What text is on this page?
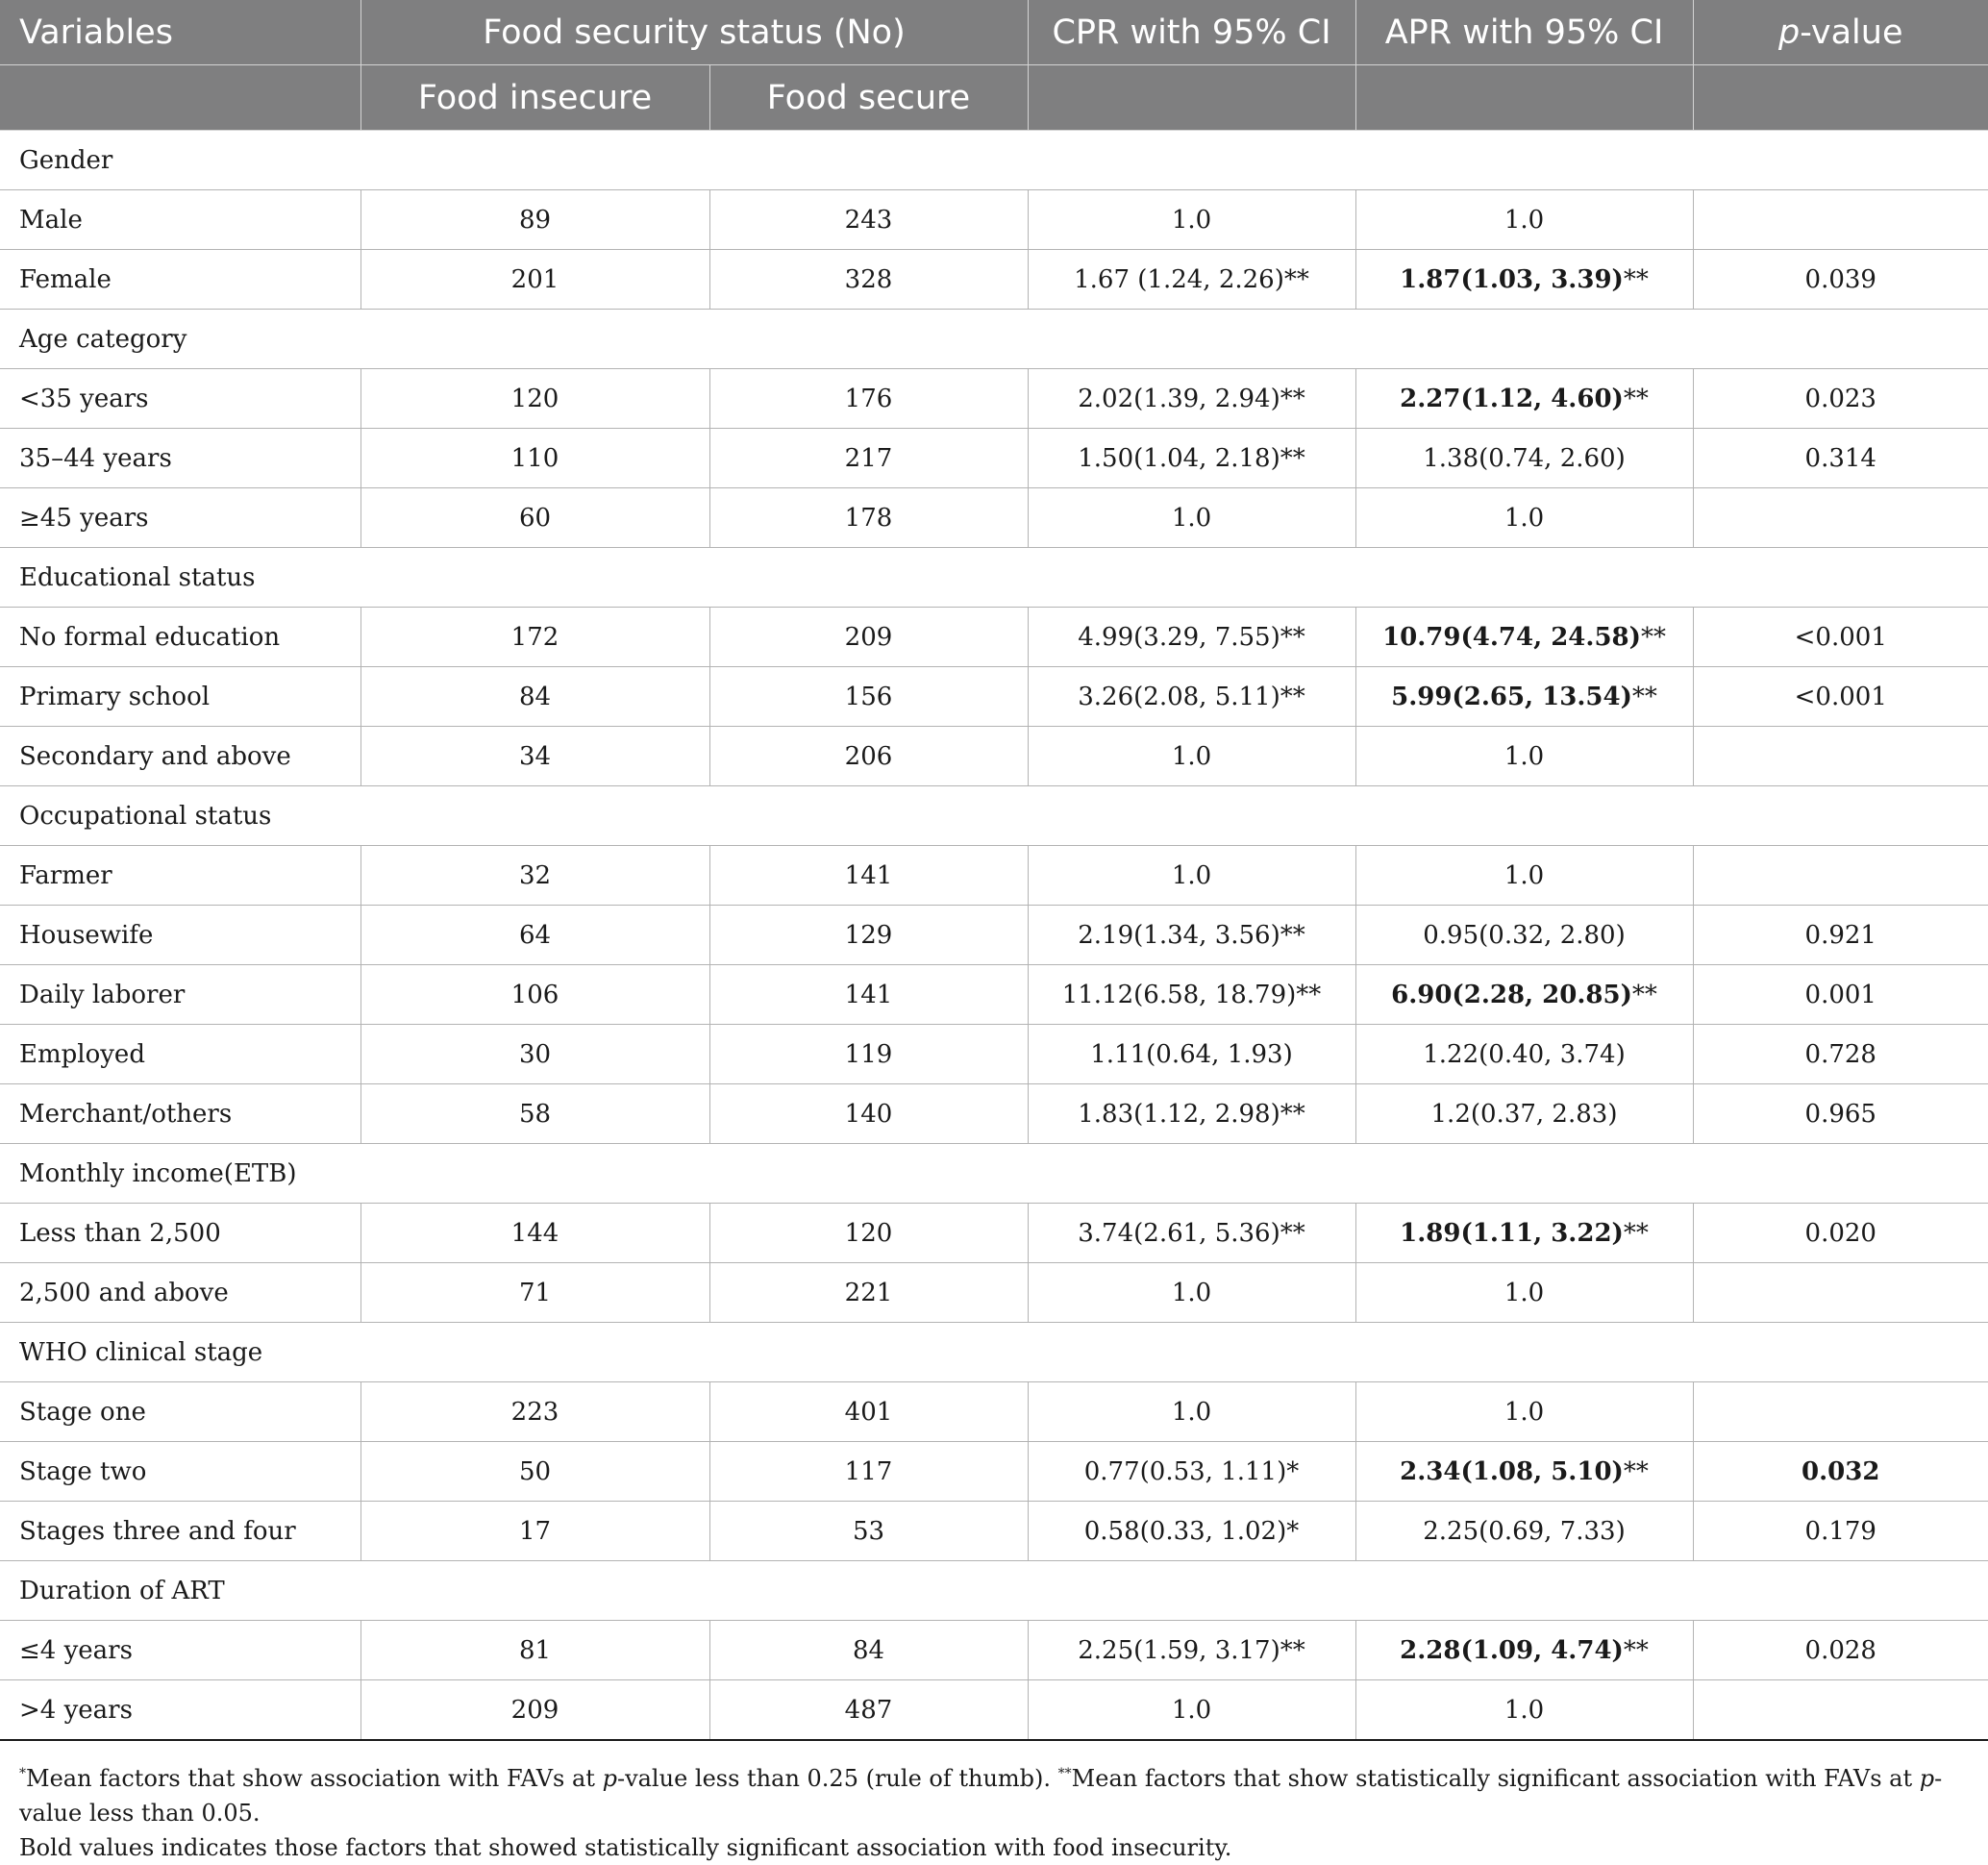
Variables	Food security status (No)		CPR with 95% CI	APR with 95% CI	p-value
	Food insecure	Food secure			
Gender					
Male	89	243	1.0	1.0	
Female	201	328	1.67 (1.24, 2.26)**	1.87(1.03, 3.39)**	0.039
Age category					
<35 years	120	176	2.02(1.39, 2.94)**	2.27(1.12, 4.60)**	0.023
35–44 years	110	217	1.50(1.04, 2.18)**	1.38(0.74, 2.60)	0.314
≥45 years	60	178	1.0	1.0	
Educational status					
No formal education	172	209	4.99(3.29, 7.55)**	10.79(4.74, 24.58)**	<0.001
Primary school	84	156	3.26(2.08, 5.11)**	5.99(2.65, 13.54)**	<0.001
Secondary and above	34	206	1.0	1.0	
Occupational status					
Farmer	32	141	1.0	1.0	
Housewife	64	129	2.19(1.34, 3.56)**	0.95(0.32, 2.80)	0.921
Daily laborer	106	141	11.12(6.58, 18.79)**	6.90(2.28, 20.85)**	0.001
Employed	30	119	1.11(0.64, 1.93)	1.22(0.40, 3.74)	0.728
Merchant/others	58	140	1.83(1.12, 2.98)**	1.2(0.37, 2.83)	0.965
Monthly income(ETB)					
Less than 2,500	144	120	3.74(2.61, 5.36)**	1.89(1.11, 3.22)**	0.020
2,500 and above	71	221	1.0	1.0	
WHO clinical stage					
Stage one	223	401	1.0	1.0	
Stage two	50	117	0.77(0.53, 1.11)*	2.34(1.08, 5.10)**	0.032
Stages three and four	17	53	0.58(0.33, 1.02)*	2.25(0.69, 7.33)	0.179
Duration of ART					
≤4 years	81	84	2.25(1.59, 3.17)**	2.28(1.09, 4.74)**	0.028
>4 years	209	487	1.0	1.0	
*Mean factors that show association with FAVs at p-value less than 0.25 (rule of thumb). **Mean factors that show statistically significant association with FAVs at p-value less than 0.05.
Bold values indicates those factors that showed statistically significant association with food insecurity.
